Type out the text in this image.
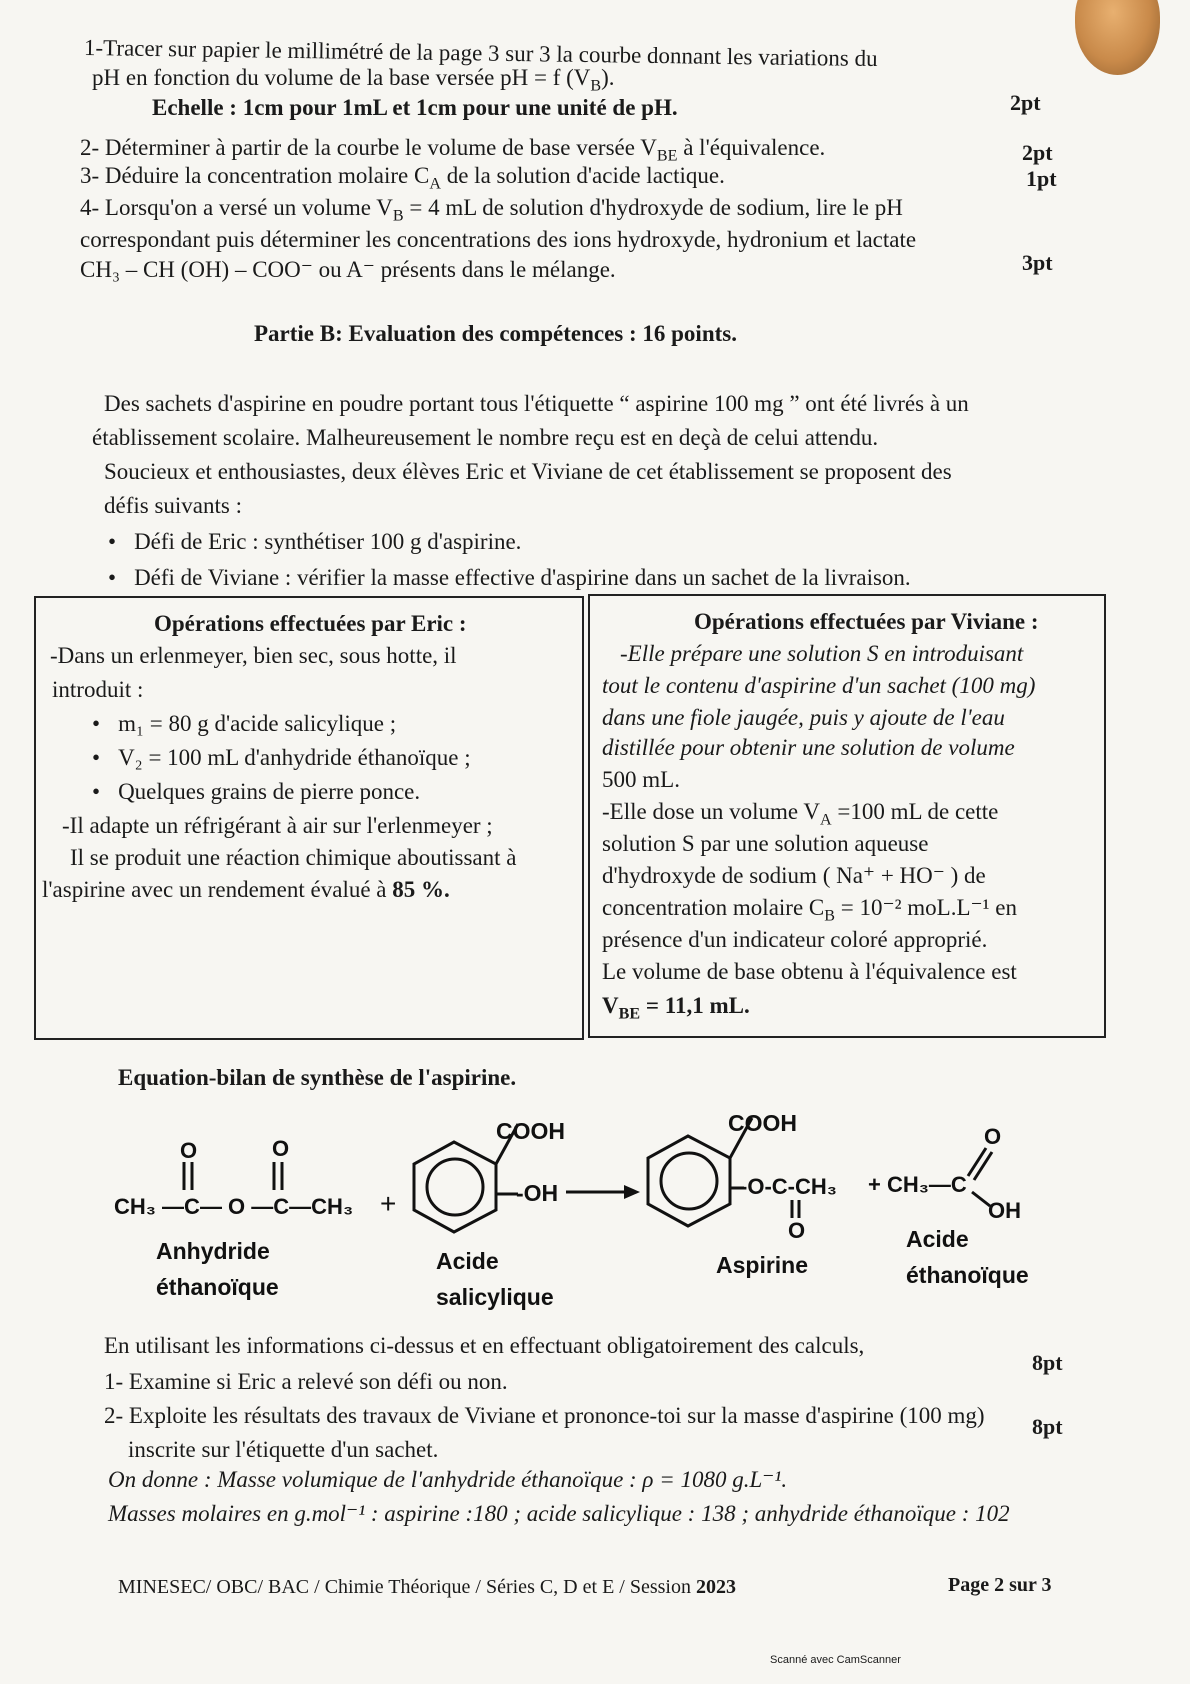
1-Tracer sur papier le millimétré de la page 3 sur 3 la courbe donnant les variations du
pH en fonction du volume de la base versée pH = f $(V_B)$.
2pt
Echelle : 1cm pour 1mL et 1cm pour une unité de pH.
2- Déterminer à partir de la courbe le volume de base versée $V_{BE}$ à l'équivalence.	2pt
3- Déduire la concentration molaire $C_A$ de la solution d'acide lactique.	1pt
4- Lorsqu'on a versé un volume $V_B = 4$ mL de solution d'hydroxyde de sodium, lire le pH
correspondant puis déterminer les concentrations des ions hydroxyde, hydronium et lactate
CH₃ – CH (OH) – COO⁻ ou A⁻ présents dans le mélange.	3pt
Partie B: Evaluation des compétences : 16 points.
Des sachets d'aspirine en poudre portant tous l'étiquette “ aspirine 100 mg ” ont été livrés à un
établissement scolaire. Malheureusement le nombre reçu est en deçà de celui attendu.
Soucieux et enthousiastes, deux élèves Eric et Viviane de cet établissement se proposent des
défis suivants :
• Défi de Eric : synthétiser 100 g d'aspirine.
• Défi de Viviane : vérifier la masse effective d'aspirine dans un sachet de la livraison.
Opérations effectuées par Eric :
-Dans un erlenmeyer, bien sec, sous hotte, il
introduit :
• m₁ = 80 g d'acide salicylique ;
• V₂ = 100 mL d'anhydride éthanoïque ;
• Quelques grains de pierre ponce.
-Il adapte un réfrigérant à air sur l'erlenmeyer ;
Il se produit une réaction chimique aboutissant à
l'aspirine avec un rendement évalué à 85 %.
Opérations effectuées par Viviane :
-Elle prépare une solution S en introduisant
tout le contenu d'aspirine d'un sachet (100 mg)
dans une fiole jaugée, puis y ajoute de l'eau
distillée pour obtenir une solution de volume
500 mL.
-Elle dose un volume $V_A =100$ mL de cette
solution S par une solution aqueuse
d'hydroxyde de sodium ( Na⁺ + HO⁻ ) de
concentration molaire $C_B = 10^{-2}$ moL.L⁻¹ en
présence d'un indicateur coloré approprié.
Le volume de base obtenu à l'équivalence est
$V_{BE} = 11,1$ mL.
Equation-bilan de synthèse de l'aspirine.
O	O
CH₃ —C— O —C—CH₃
Anhydride
éthanoïque
+
COOH
-OH
Acide
salicylique
COOH
-O-C-CH₃
O
Aspirine
+ CH₃—C
O
OH
Acide
éthanoïque
En utilisant les informations ci-dessus et en effectuant obligatoirement des calculs,
8pt
1- Examine si Eric a relevé son défi ou non.
2- Exploite les résultats des travaux de Viviane et prononce-toi sur la masse d'aspirine (100 mg) 8pt
inscrite sur l'étiquette d'un sachet.
On donne : Masse volumique de l'anhydride éthanoïque : ρ = 1080 g.L⁻¹.
Masses molaires en g.mol⁻¹ : aspirine :180 ; acide salicylique : 138 ; anhydride éthanoïque : 102
MINESEC/ OBC/ BAC / Chimie Théorique / Séries C, D et E / Session 2023	Page 2 sur 3
Scanné avec CamScanner
